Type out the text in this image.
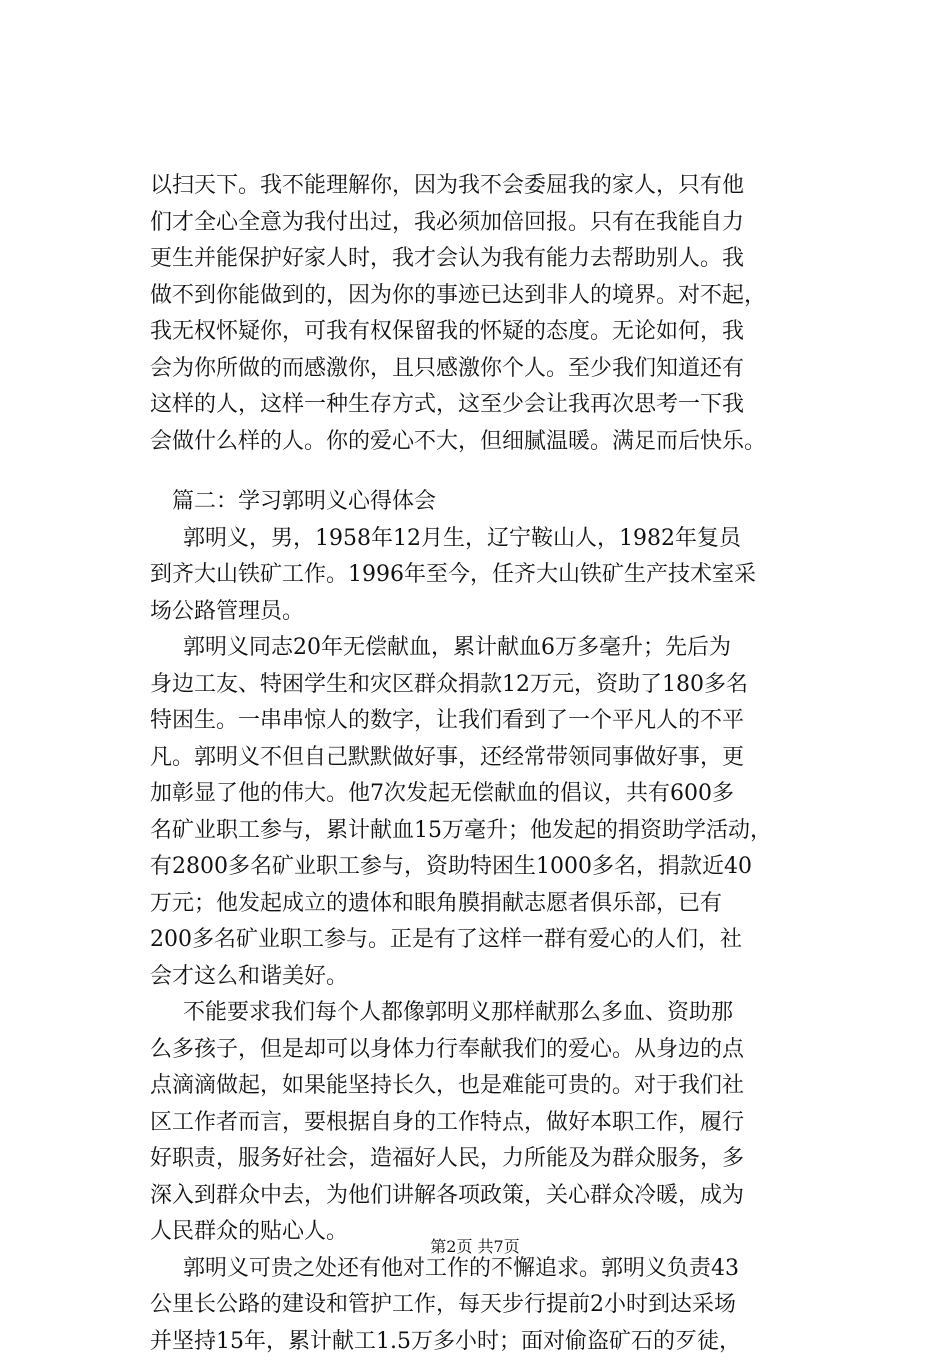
以扫天下。我不能理解你，因为我不会委屈我的家人，只有他
们才全心全意为我付出过，我必须加倍回报。只有在我能自力
更生并能保护好家人时，我才会认为我有能力去帮助别人。我
做不到你能做到的，因为你的事迹已达到非人的境界。对不起，
我无权怀疑你，可我有权保留我的怀疑的态度。无论如何，我
会为你所做的而感激你，且只感激你个人。至少我们知道还有
这样的人，这样一种生存方式，这至少会让我再次思考一下我
会做什么样的人。你的爱心不大，但细腻温暖。满足而后快乐。
篇二：学习郭明义心得体会
郭明义，男，1958年12月生，辽宁鞍山人，1982年复员
到齐大山铁矿工作。1996年至今，任齐大山铁矿生产技术室采
场公路管理员。
郭明义同志20年无偿献血，累计献血6万多毫升；先后为
身边工友、特困学生和灾区群众捐款12万元，资助了180多名
特困生。一串串惊人的数字，让我们看到了一个平凡人的不平
凡。郭明义不但自己默默做好事，还经常带领同事做好事，更
加彰显了他的伟大。他7次发起无偿献血的倡议，共有600多
名矿业职工参与，累计献血15万毫升；他发起的捐资助学活动，
有2800多名矿业职工参与，资助特困生1000多名，捐款近40
万元；他发起成立的遗体和眼角膜捐献志愿者俱乐部，已有
200多名矿业职工参与。正是有了这样一群有爱心的人们，社
会才这么和谐美好。
不能要求我们每个人都像郭明义那样献那么多血、资助那
么多孩子，但是却可以身体力行奉献我们的爱心。从身边的点
点滴滴做起，如果能坚持长久，也是难能可贵的。对于我们社
区工作者而言，要根据自身的工作特点，做好本职工作，履行
好职责，服务好社会，造福好人民，力所能及为群众服务，多
深入到群众中去，为他们讲解各项政策，关心群众冷暖，成为
人民群众的贴心人。
郭明义可贵之处还有他对工作的不懈追求。郭明义负责43
公里长公路的建设和管护工作，每天步行提前2小时到达采场
并坚持15年，累计献工1.5万多小时；面对偷盗矿石的歹徒，
第2页 共7页
